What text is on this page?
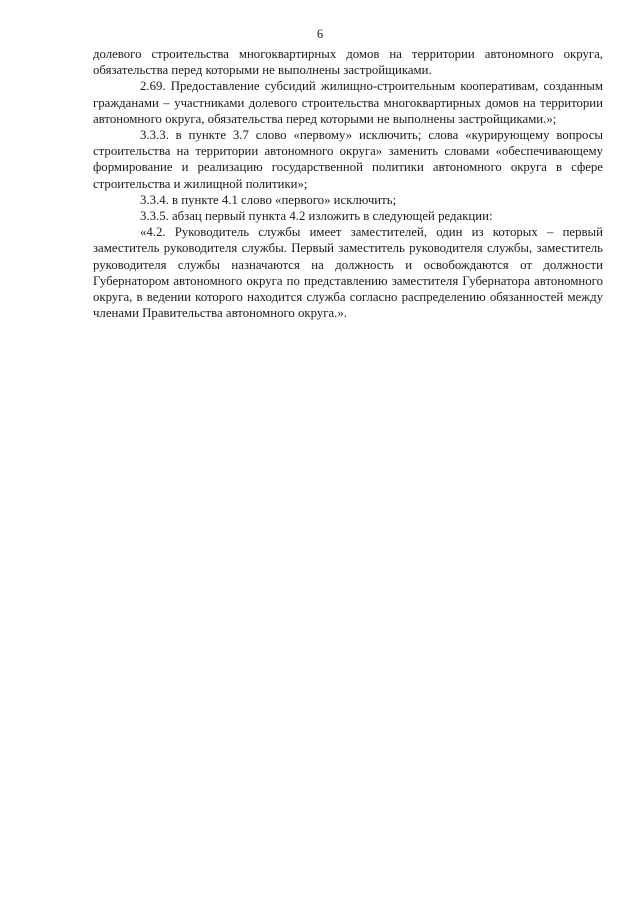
6

долевого строительства многоквартирных домов на территории автономного округа, обязательства перед которыми не выполнены застройщиками.

2.69. Предоставление субсидий жилищно-строительным кооперативам, созданным гражданами – участниками долевого строительства многоквартирных домов на территории автономного округа, обязательства перед которыми не выполнены застройщиками.»;

3.3.3. в пункте 3.7 слово «первому» исключить; слова «курирующему вопросы строительства на территории автономного округа» заменить словами «обеспечивающему формирование и реализацию государственной политики автономного округа в сфере строительства и жилищной политики»;

3.3.4. в пункте 4.1 слово «первого» исключить;

3.3.5. абзац первый пункта 4.2 изложить в следующей редакции:

«4.2. Руководитель службы имеет заместителей, один из которых – первый заместитель руководителя службы. Первый заместитель руководителя службы, заместитель руководителя службы назначаются на должность и освобождаются от должности Губернатором автономного округа по представлению заместителя Губернатора автономного округа, в ведении которого находится служба согласно распределению обязанностей между членами Правительства автономного округа.».
